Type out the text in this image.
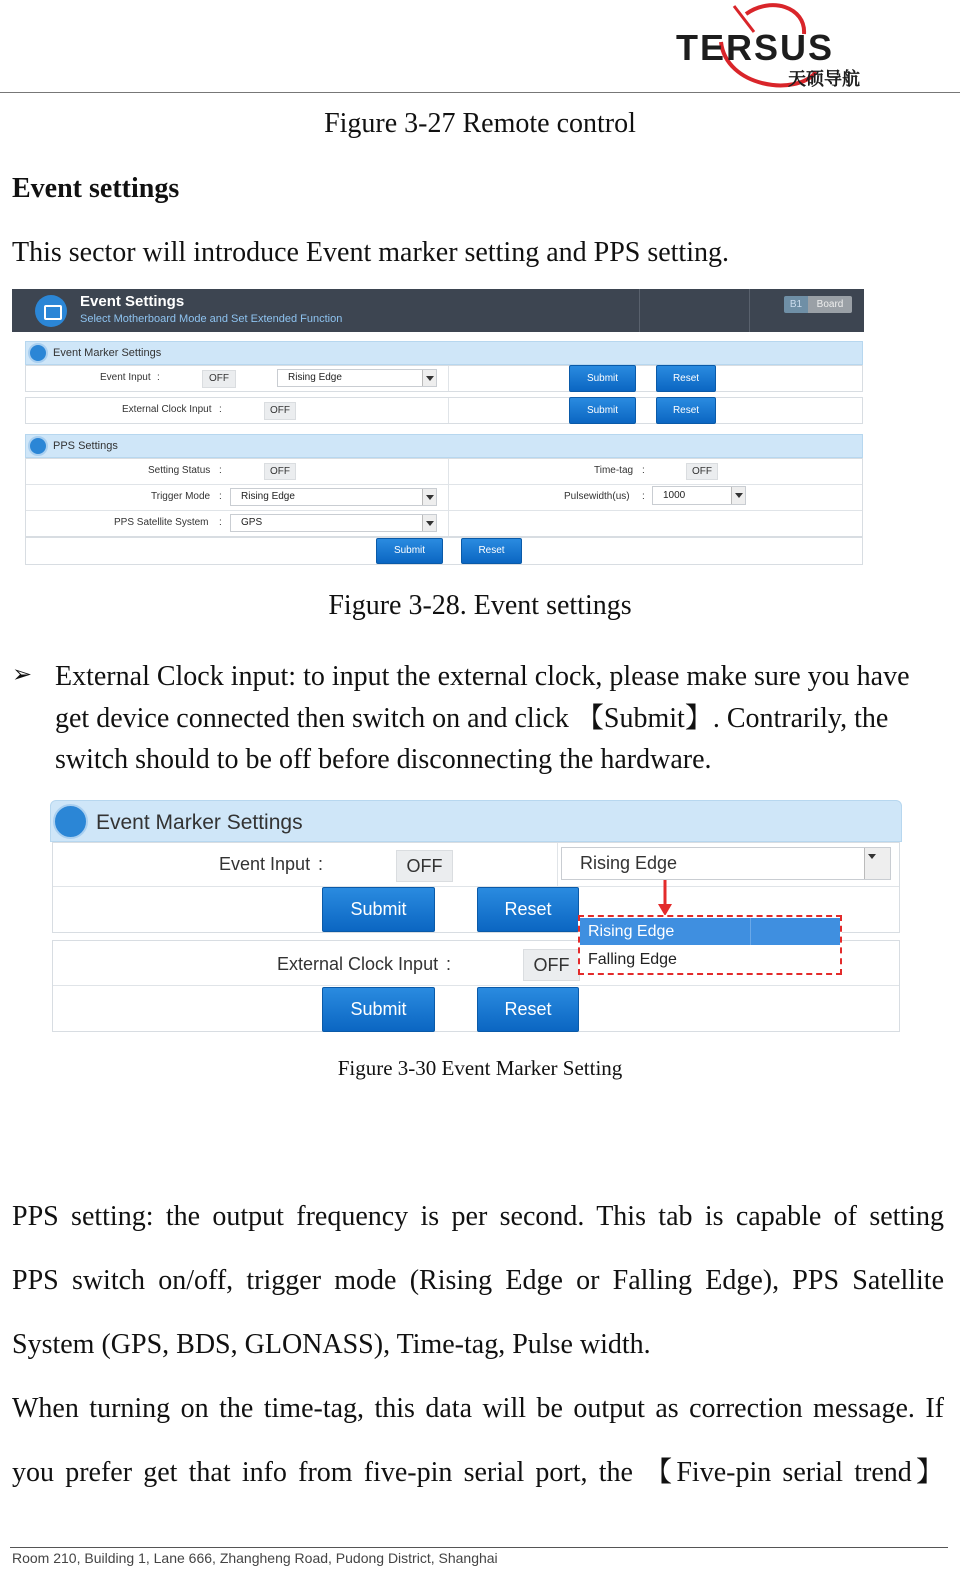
TERSUS
天硕导航
Figure 3-27 Remote control
Event settings
This sector will introduce Event marker setting and PPS setting.
Event Settings
Select Motherboard Mode and Set Extended Function
B1	Board
Event Marker Settings
Event Input :	OFF	Rising Edge	Submit	Reset
External Clock Input :	OFF	Submit	Reset
PPS Settings
Setting Status :	OFF	Time-tag :	OFF
Trigger Mode :	Rising Edge	Pulsewidth(us) :	1000
PPS Satellite System :	GPS
Submit	Reset
Figure 3-28. Event settings
➢ External Clock input: to input the external clock, please make sure you have
get device connected then switch on and click 【Submit】. Contrarily, the
switch should to be off before disconnecting the hardware.
Event Marker Settings
Event Input :	OFF	Rising Edge
Submit	Reset
External Clock Input :	OFF
Submit	Reset
Rising Edge
Falling Edge
Figure 3-30 Event Marker Setting
PPS setting: the output frequency is per second. This tab is capable of setting
PPS switch on/off, trigger mode (Rising Edge or Falling Edge), PPS Satellite
System (GPS, BDS, GLONASS), Time-tag, Pulse width.
When turning on the time-tag, this data will be output as correction message. If
you prefer get that info from five-pin serial port, the 【Five-pin serial trend】
Room 210, Building 1, Lane 666, Zhangheng Road, Pudong District, Shanghai
